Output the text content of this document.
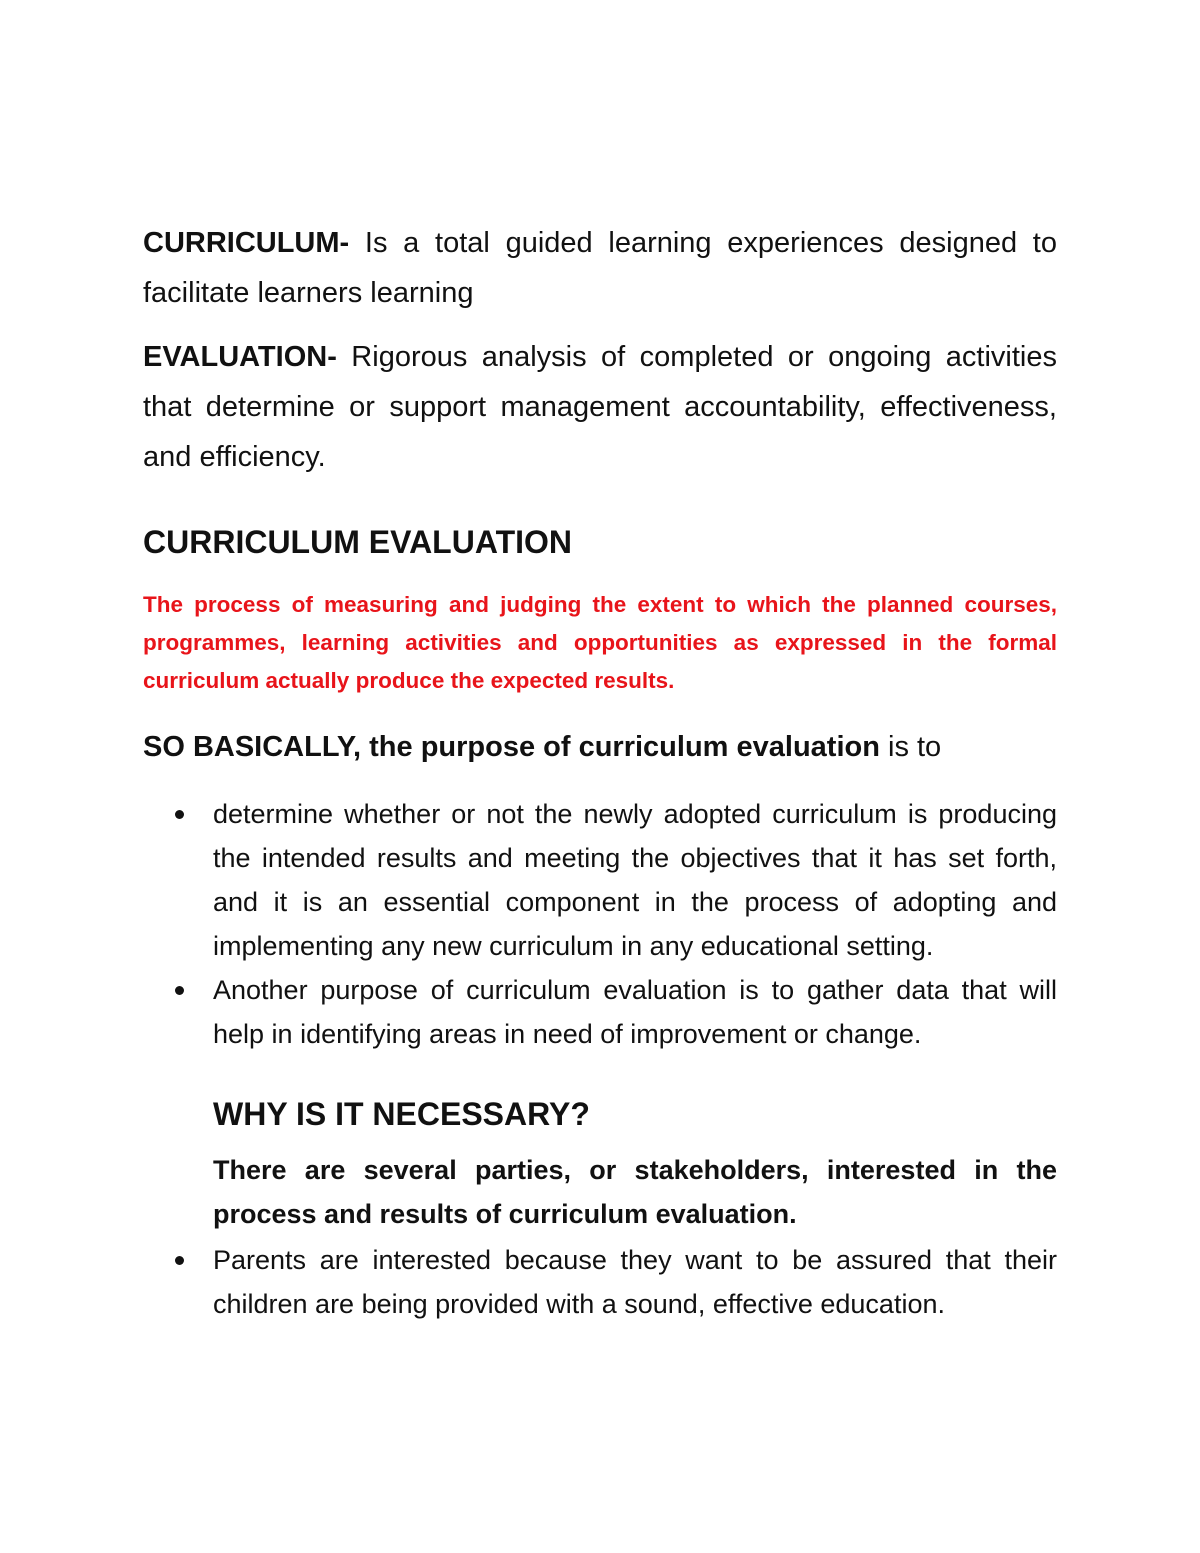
CURRICULUM- Is a total guided learning experiences designed to facilitate learners learning

EVALUATION- Rigorous analysis of completed or ongoing activities that determine or support management accountability, effectiveness, and efficiency.

CURRICULUM EVALUATION

The process of measuring and judging the extent to which the planned courses, programmes, learning activities and opportunities as expressed in the formal curriculum actually produce the expected results.

SO BASICALLY, the purpose of curriculum evaluation is to

determine whether or not the newly adopted curriculum is producing the intended results and meeting the objectives that it has set forth, and it is an essential component in the process of adopting and implementing any new curriculum in any educational setting.
Another purpose of curriculum evaluation is to gather data that will help in identifying areas in need of improvement or change.

WHY IS IT NECESSARY?

There are several parties, or stakeholders, interested in the process and results of curriculum evaluation.

Parents are interested because they want to be assured that their children are being provided with a sound, effective education.
